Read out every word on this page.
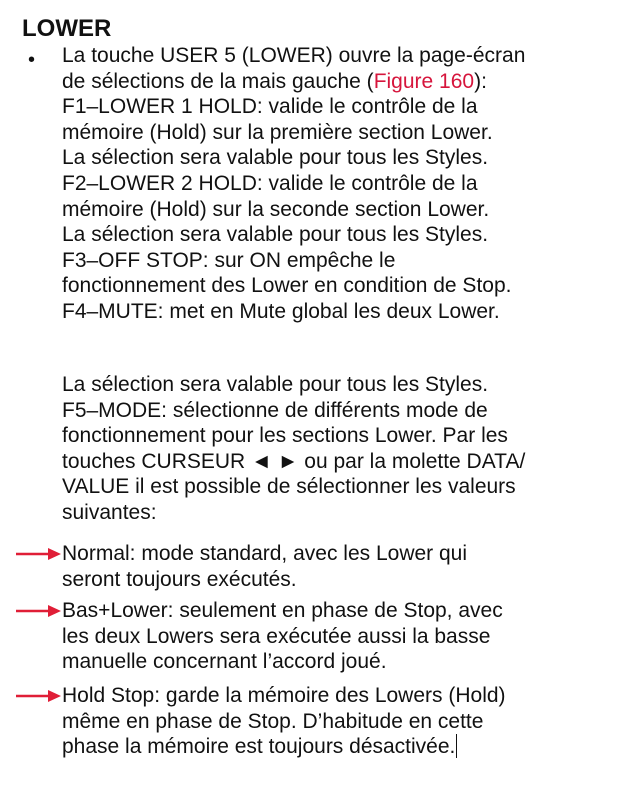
LOWER
• La touche USER 5 (LOWER) ouvre la page-écran
de sélections de la mais gauche (Figure 160):
F1–LOWER 1 HOLD: valide le contrôle de la
mémoire (Hold) sur la première section Lower.
La sélection sera valable pour tous les Styles.
F2–LOWER 2 HOLD: valide le contrôle de la
mémoire (Hold) sur la seconde section Lower.
La sélection sera valable pour tous les Styles.
F3–OFF STOP: sur ON empêche le
fonctionnement des Lower en condition de Stop.
F4–MUTE: met en Mute global les deux Lower.
La sélection sera valable pour tous les Styles.
F5–MODE: sélectionne de différents mode de
fonctionnement pour les sections Lower. Par les
touches CURSEUR ◄ ► ou par la molette DATA/
VALUE il est possible de sélectionner les valeurs
suivantes:
Normal: mode standard, avec les Lower qui
seront toujours exécutés.
Bas+Lower: seulement en phase de Stop, avec
les deux Lowers sera exécutée aussi la basse
manuelle concernant l’accord joué.
Hold Stop: garde la mémoire des Lowers (Hold)
même en phase de Stop. D’habitude en cette
phase la mémoire est toujours désactivée.
